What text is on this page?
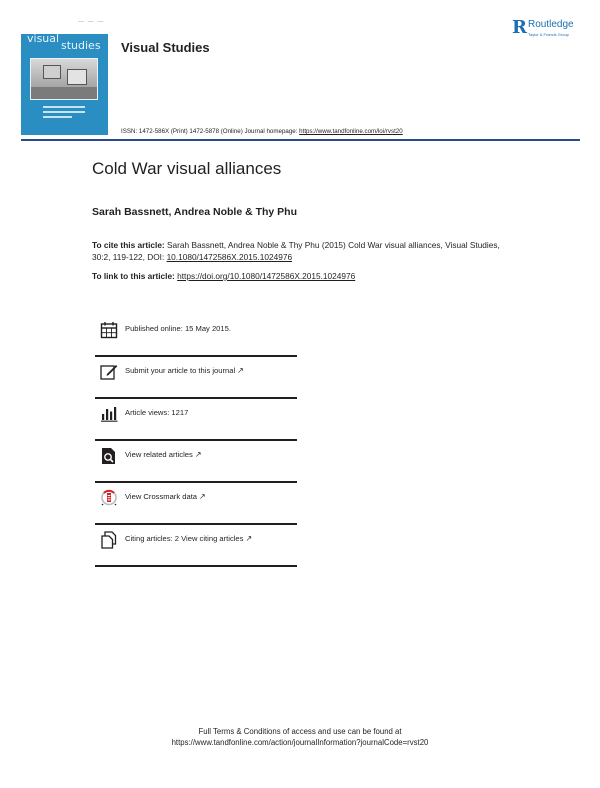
— — —
visual
studies Visual Studies
R Routledge
Taylor & Francis Group
ISSN: 1472-586X (Print) 1472-5878 (Online) Journal homepage: https://www.tandfonline.com/loi/rvst20
Cold War visual alliances
Sarah Bassnett, Andrea Noble & Thy Phu
To cite this article: Sarah Bassnett, Andrea Noble & Thy Phu (2015) Cold War visual alliances, Visual Studies, 30:2, 119-122, DOI: 10.1080/1472586X.2015.1024976
To link to this article: https://doi.org/10.1080/1472586X.2015.1024976
Published online: 15 May 2015.
Submit your article to this journal ↗
Article views: 1217
View related articles ↗
View Crossmark data ↗
Citing articles: 2 View citing articles ↗
Full Terms & Conditions of access and use can be found at
https://www.tandfonline.com/action/journalInformation?journalCode=rvst20
